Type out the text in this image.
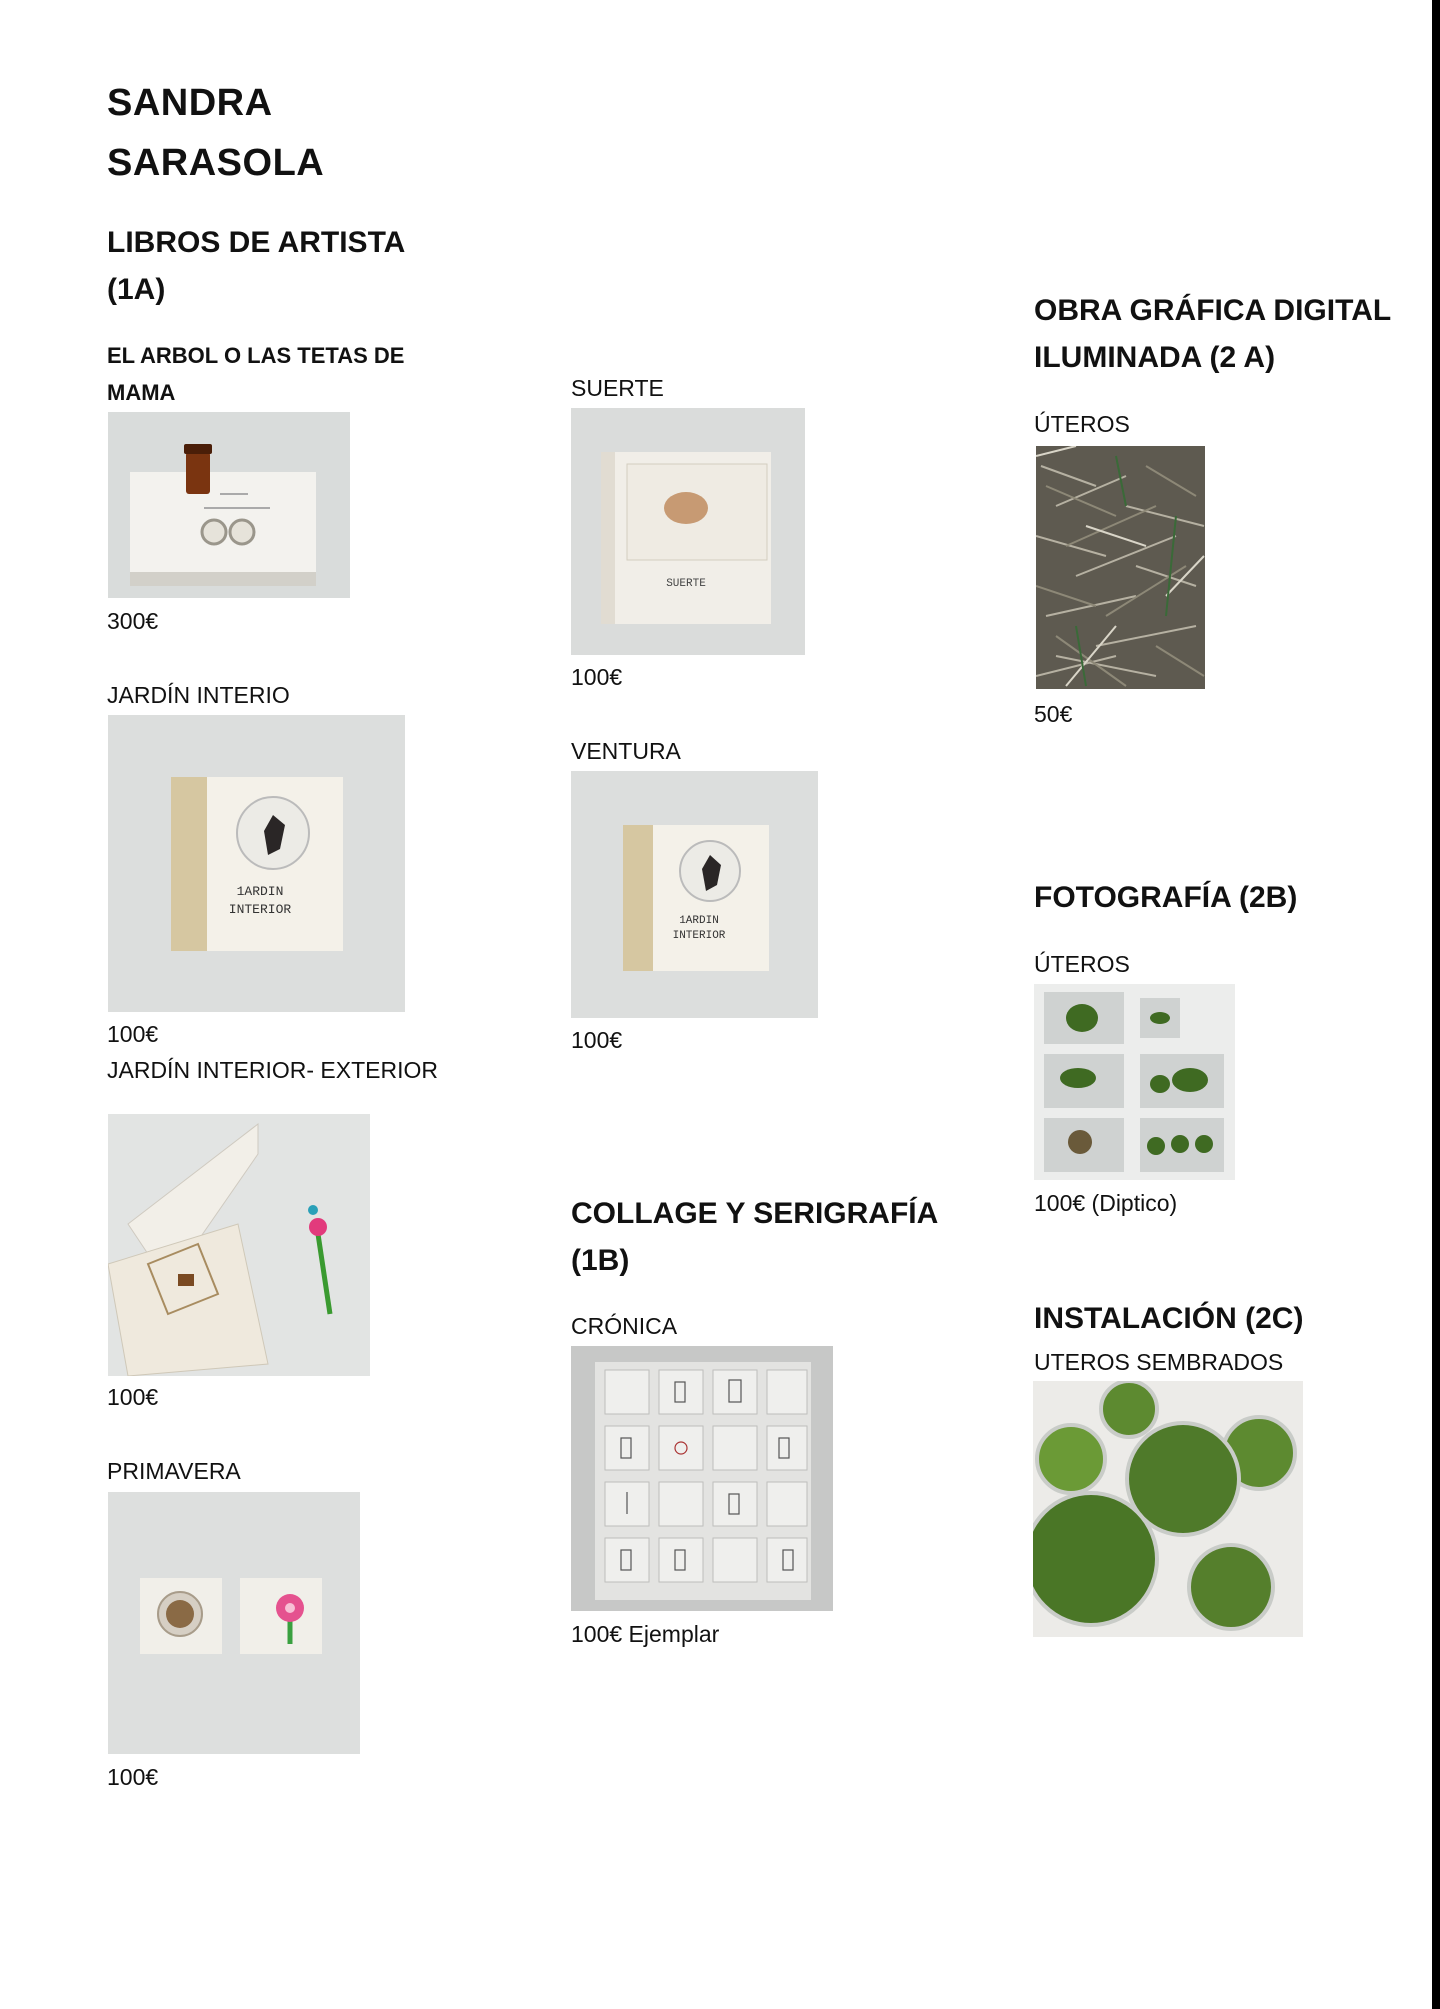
SANDRA
SARASOLA
LIBROS DE ARTISTA
(1A)
EL ARBOL O LAS TETAS DE
MAMA
300€
JARDÍN INTERIO
1ARDIN
INTERIOR
100€
JARDÍN INTERIOR- EXTERIOR
100€
PRIMAVERA
100€
SUERTE
SUERTE
100€
VENTURA
1ARDIN
INTERIOR
100€
COLLAGE Y SERIGRAFÍA
(1B)
CRÓNICA
100€ Ejemplar
OBRA GRÁFICA DIGITAL
ILUMINADA (2 A)
ÚTEROS
50€
FOTOGRAFÍA (2B)
ÚTEROS
100€ (Diptico)
INSTALACIÓN (2C)
UTEROS SEMBRADOS
